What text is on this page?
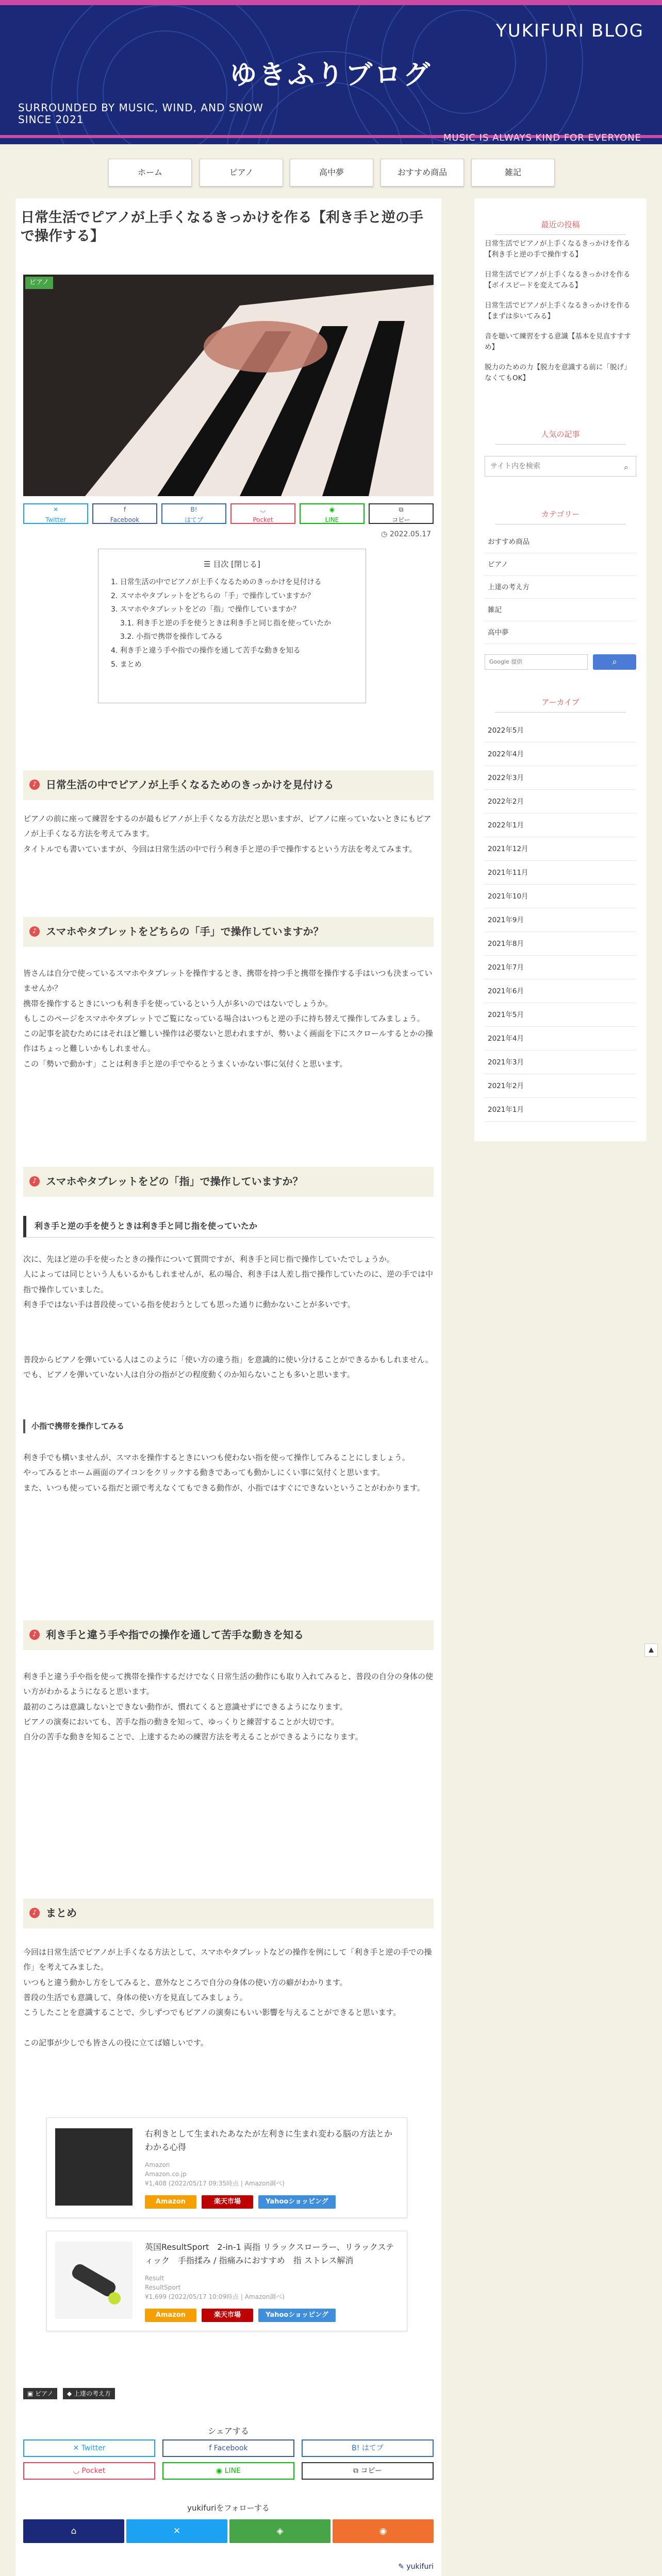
YUKIFURI BLOG
ゆきふりブログ
SURROUNDED BY MUSIC, WIND, AND SNOW
SINCE 2021
MUSIC IS ALWAYS KIND FOR EVERYONE
ホーム	ピアノ	高中夢	おすすめ商品	雑記
日常生活でピアノが上手くなるきっかけを作る【利き手と逆の手で操作する】
ピアノ
✕
Twitter
f
Facebook
B!
はてブ
◡
Pocket
◉
LINE
⧉
コピー
◷ 2022.05.17
☰ 目次 [閉じる]
1. 日常生活の中でピアノが上手くなるためのきっかけを見付ける
2. スマホやタブレットをどちらの「手」で操作していますか？
3. スマホやタブレットをどの「指」で操作していますか？
3.1. 利き手と逆の手を使うときは利き手と同じ指を使っていたか
3.2. 小指で携帯を操作してみる
4. 利き手と違う手や指での操作を通して苦手な動きを知る
5. まとめ
♪ 日常生活の中でピアノが上手くなるためのきっかけを見付ける
ピアノの前に座って練習をするのが最もピアノが上手くなる方法だと思いますが、ピアノに座っていないときにもピアノが上手くなる方法を考えてみます。
タイトルでも書いていますが、今回は日常生活の中で行う利き手と逆の手で操作するという方法を考えてみます。
♪ スマホやタブレットをどちらの「手」で操作していますか？
皆さんは自分で使っているスマホやタブレットを操作するとき、携帯を持つ手と携帯を操作する手はいつも決まっていませんか？
携帯を操作するときにいつも利き手を使っているという人が多いのではないでしょうか。
もしこのページをスマホやタブレットでご覧になっている場合はいつもと逆の手に持ち替えて操作してみましょう。
この記事を読むためにはそれほど難しい操作は必要ないと思われますが、勢いよく画面を下にスクロールするとかの操作はちょっと難しいかもしれません。
この「勢いで動かす」ことは利き手と逆の手でやるとうまくいかない事に気付くと思います。
♪ スマホやタブレットをどの「指」で操作していますか？
利き手と逆の手を使うときは利き手と同じ指を使っていたか
次に、先ほど逆の手を使ったときの操作について質問ですが、利き手と同じ指で操作していたでしょうか。
人によっては同じという人もいるかもしれませんが、私の場合、利き手は人差し指で操作していたのに、逆の手では中指で操作していました。
利き手ではない手は普段使っている指を使おうとしても思った通りに動かないことが多いです。
普段からピアノを弾いている人はこのように「使い方の違う指」を意識的に使い分けることができるかもしれません。
でも、ピアノを弾いていない人は自分の指がどの程度動くのか知らないことも多いと思います。
小指で携帯を操作してみる
利き手でも構いませんが、スマホを操作するときにいつも使わない指を使って操作してみることにしましょう。
やってみるとホーム画面のアイコンをクリックする動きであっても動かしにくい事に気付くと思います。
また、いつも使っている指だと頭で考えなくてもできる動作が、小指ではすぐにできないということがわかります。
♪ 利き手と違う手や指での操作を通して苦手な動きを知る
利き手と違う手や指を使って携帯を操作するだけでなく日常生活の動作にも取り入れてみると、普段の自分の身体の使い方がわかるようになると思います。
最初のころは意識しないとできない動作が、慣れてくると意識せずにできるようになります。
ピアノの演奏においても、苦手な指の動きを知って、ゆっくりと練習することが大切です。
自分の苦手な動きを知ることで、上達するための練習方法を考えることができるようになります。
♪ まとめ
今回は日常生活でピアノが上手くなる方法として、スマホやタブレットなどの操作を例にして「利き手と逆の手での操作」を考えてみました。
いつもと違う動かし方をしてみると、意外なところで自分の身体の使い方の癖がわかります。
普段の生活でも意識して、身体の使い方を見直してみましょう。
こうしたことを意識することで、少しずつでもピアノの演奏にもいい影響を与えることができると思います。

この記事が少しでも皆さんの役に立てば嬉しいです。
右利きとして生まれたあなたが左利きに生まれ変わる脳の方法とかわかる心得
Amazon
Amazon.co.jp
¥1,408 (2022/05/17 09:35時点 | Amazon調べ)
Amazon	楽天市場	Yahooショッピング
英国ResultSport　2-in-1 両指 リラックスローラー、リラックスティック　手指揉み / 指痛みにおすすめ　指 ストレス解消
Result
ResultSport
¥1,699 (2022/05/17 10:09時点 | Amazon調べ)
Amazon	楽天市場	Yahooショッピング
▣ ピアノ	◆ 上達の考え方
シェアする
✕ Twitter	f Facebook	B! はてブ
◡ Pocket	◉ LINE	⧉ コピー
yukifuriをフォローする
⌂	✕	◈	◉
✎ yukifuri
最近の投稿
日常生活でピアノが上手くなるきっかけを作る【利き手と逆の手で操作する】
日常生活でピアノが上手くなるきっかけを作る【ボイスピードを変えてみる】
日常生活でピアノが上手くなるきっかけを作る【まずは歩いてみる】
音を聴いて練習をする意識【基本を見直すすすめ】
脱力のための力【脱力を意識する前に「脱げ」なくてもOK】
人気の記事
サイト内を検索
⌕
カテゴリー
おすすめ商品
ピアノ
上達の考え方
雑記
高中夢
Google 提供	⌕
アーカイブ
2022年5月
2022年4月
2022年3月
2022年2月
2022年1月
2021年12月
2021年11月
2021年10月
2021年9月
2021年8月
2021年7月
2021年6月
2021年5月
2021年4月
2021年3月
2021年2月
2021年1月
▲
